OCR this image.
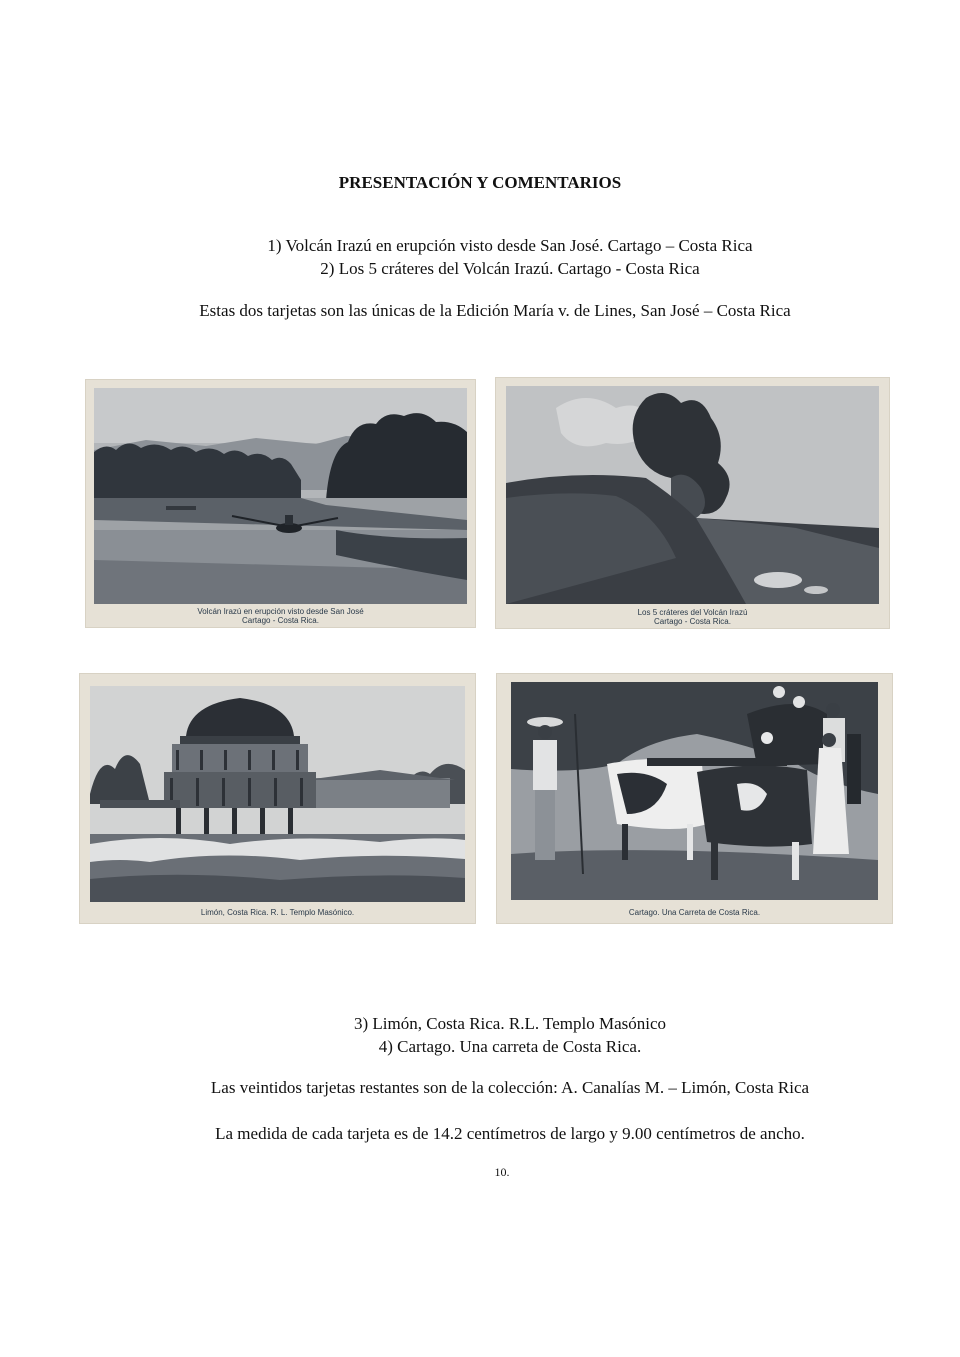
PRESENTACIÓN Y COMENTARIOS
1) Volcán Irazú en erupción visto desde San José. Cartago – Costa Rica
2) Los 5 cráteres del Volcán Irazú. Cartago - Costa Rica
Estas dos tarjetas son las únicas de la Edición María v. de Lines, San José – Costa Rica
Volcán Irazú en erupción visto desde San José
Cartago - Costa Rica.
Los 5 cráteres del Volcán Irazú
Cartago - Costa Rica.
Limón, Costa Rica. R. L. Templo Masónico.	Cartago. Una Carreta de Costa Rica.
3) Limón, Costa Rica. R.L. Templo Masónico
4) Cartago. Una carreta de Costa Rica.
Las veintidos tarjetas restantes son de la colección: A. Canalías M. – Limón, Costa Rica
La medida de cada tarjeta es de 14.2 centímetros de largo y 9.00 centímetros de ancho.
10.
